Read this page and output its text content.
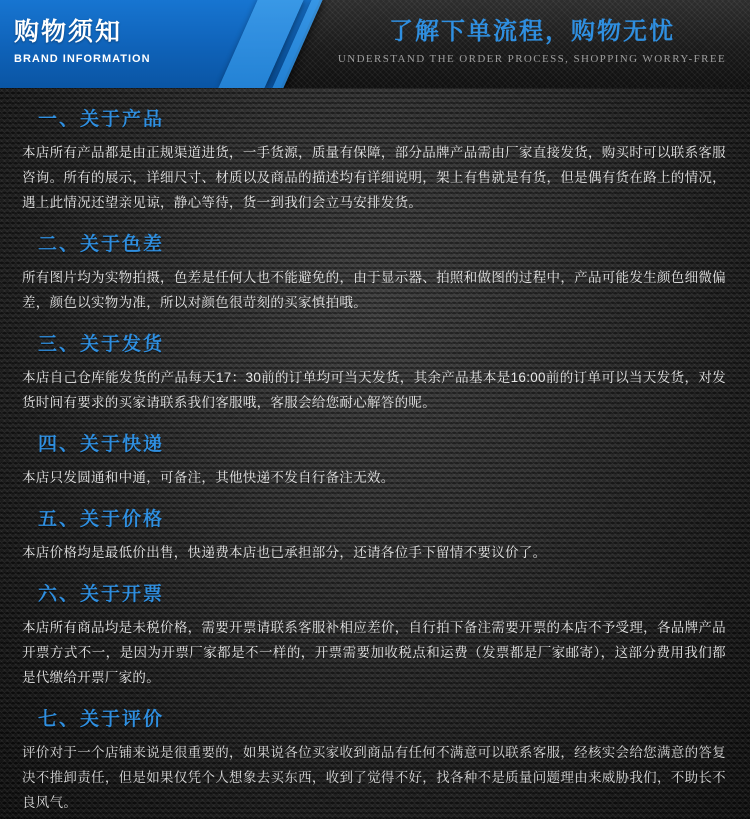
购物须知
BRAND INFORMATION
了解下单流程，购物无忧
UNDERSTAND THE ORDER PROCESS, SHOPPING WORRY-FREE
一、关于产品

本店所有产品都是由正规渠道进货，一手货源，质量有保障，部分品牌产品需由厂家直接发货，购买时可以联系客服咨询。所有的展示，详细尺寸、材质以及商品的描述均有详细说明，架上有售就是有货，但是偶有货在路上的情况，遇上此情况还望亲见谅，静心等待，货一到我们会立马安排发货。

二、关于色差

所有图片均为实物拍摄，色差是任何人也不能避免的，由于显示器、拍照和做图的过程中，产品可能发生颜色细微偏差，颜色以实物为准，所以对颜色很苛刻的买家慎拍哦。

三、关于发货

本店自己仓库能发货的产品每天17：30前的订单均可当天发货，其余产品基本是16:00前的订单可以当天发货，对发货时间有要求的买家请联系我们客服哦，客服会给您耐心解答的呢。

四、关于快递

本店只发圆通和中通，可备注，其他快递不发自行备注无效。

五、关于价格

本店价格均是最低价出售，快递费本店也已承担部分，还请各位手下留情不要议价了。

六、关于开票

本店所有商品均是未税价格，需要开票请联系客服补相应差价，自行拍下备注需要开票的本店不予受理，各品牌产品开票方式不一，是因为开票厂家都是不一样的，开票需要加收税点和运费（发票都是厂家邮寄），这部分费用我们都是代缴给开票厂家的。

七、关于评价

评价对于一个店铺来说是很重要的，如果说各位买家收到商品有任何不满意可以联系客服，经核实会给您满意的答复决不推卸责任，但是如果仅凭个人想象去买东西，收到了觉得不好，找各种不是质量问题理由来威胁我们，不助长不良风气。
